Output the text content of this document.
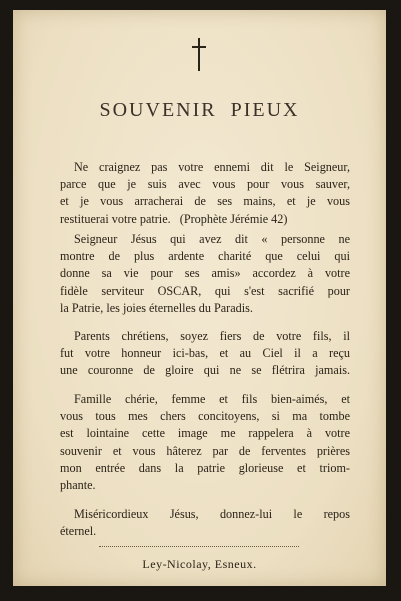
SOUVENIR PIEUX
Ne craignez pas votre ennemi dit le Seigneur,
parce que je suis avec vous pour vous sauver,
et je vous arracherai de ses mains, et je vous
restituerai votre patrie.   (Prophète Jérémie 42)
Seigneur Jésus qui avez dit « personne ne
montre de plus ardente charité que celui qui
donne sa vie pour ses amis» accordez à votre
fidèle serviteur OSCAR, qui s'est sacrifié pour
la Patrie, les joies éternelles du Paradis.
Parents chrétiens, soyez fiers de votre fils, il
fut votre honneur ici-bas, et au Ciel il a reçu
une couronne de gloire qui ne se flétrira jamais.
Famille chérie, femme et fils bien-aimés, et
vous tous mes chers concitoyens, si ma tombe
est lointaine cette image me rappelera à votre
souvenir et vous hâterez par de ferventes prières
mon entrée dans la patrie glorieuse et triom-
phante.
Miséricordieux Jésus, donnez-lui le repos
éternel.
Ley-Nicolay, Esneux.
